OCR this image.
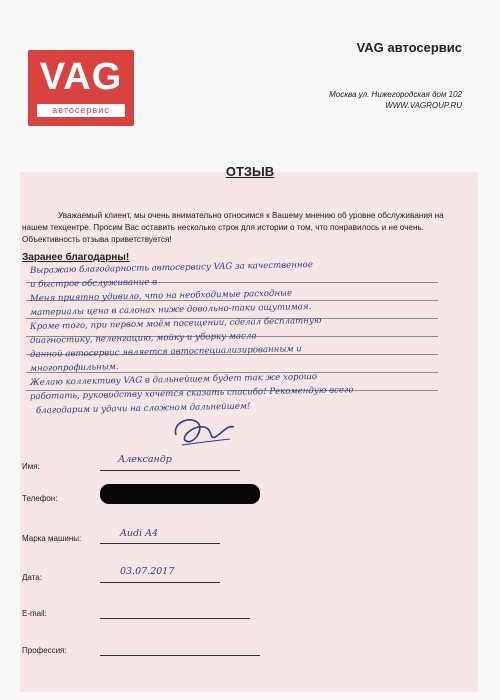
VAG
автосервис
VAG автосервис
Москва ул. Нижегородская дом 102
WWW.VAGROUP.RU
ОТЗЫВ
Уважаемый клиент, мы очень внимательно относимся к Вашему мнению об уровне обслуживания на
нашем техцентре. Просим Вас оставить несколько строк для истории о том, что понравилось и не очень.
Объективность отзыва приветствуется!
Заранее благодарны!
Выражаю благодарность автосервису VAG за качественное
и быстрое обслуживание в
Меня приятно удивило, что на необходимые расходные
материалы цена в салонах ниже довольно-таки ощутимая.
Кроме того, при первом моём посещении, сделал бесплатную
диагностику, пеленгацию, мойку и уборку масла
данной автосервис является автоспециализированным и
многопрофильным.
Желаю коллективу VAG в дальнейшем будет так же хорошо
работать, руководству хочется сказать спасибо! Рекомендую всего
благодарим и удачи на сложном дальнейшем!
Имя:
Александр
Телефон:
Марка машины:	Audi A4
Дата:
03.07.2017
E-mail:
Профессия:
